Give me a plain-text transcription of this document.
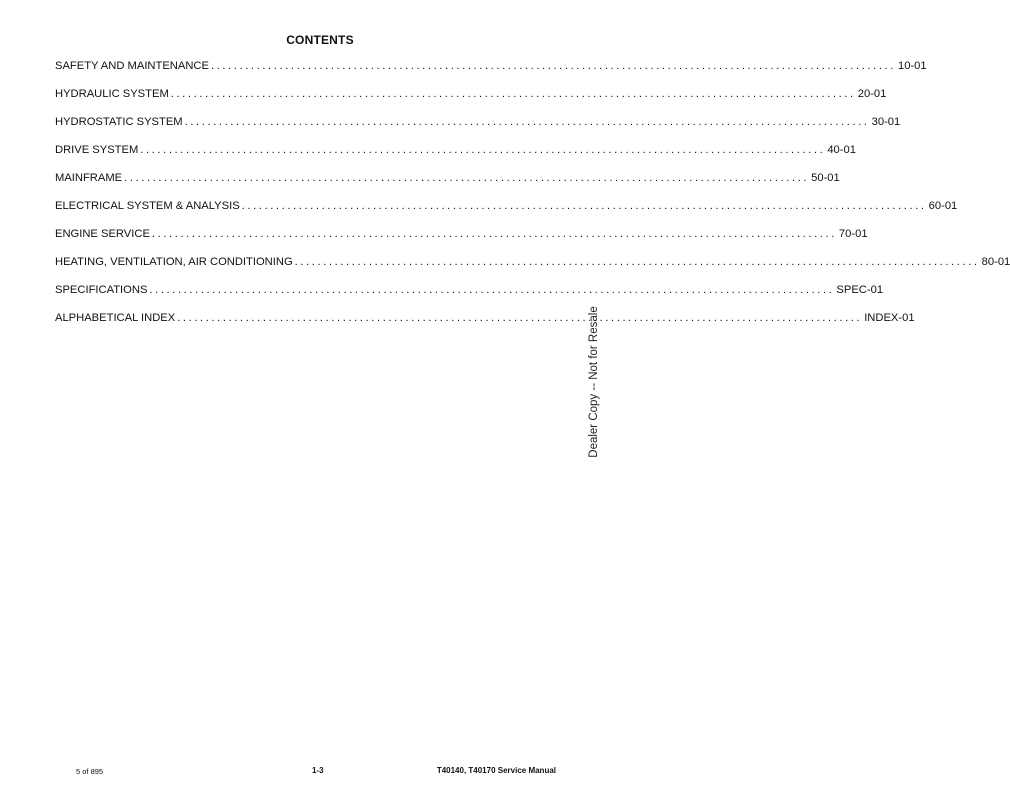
CONTENTS
SAFETY AND MAINTENANCE ........................................................................................................................ 10-01
HYDRAULIC SYSTEM ........................................................................................................................ 20-01
HYDROSTATIC SYSTEM ........................................................................................................................ 30-01
DRIVE SYSTEM ........................................................................................................................ 40-01
MAINFRAME ........................................................................................................................ 50-01
ELECTRICAL SYSTEM & ANALYSIS ........................................................................................................................ 60-01
ENGINE SERVICE ........................................................................................................................ 70-01
HEATING, VENTILATION, AIR CONDITIONING ........................................................................................................................ 80-01
SPECIFICATIONS ........................................................................................................................ SPEC-01
ALPHABETICAL INDEX ........................................................................................................................ INDEX-01
Dealer Copy -- Not for Resale
5 of 895	1-3	T40140, T40170 Service Manual
